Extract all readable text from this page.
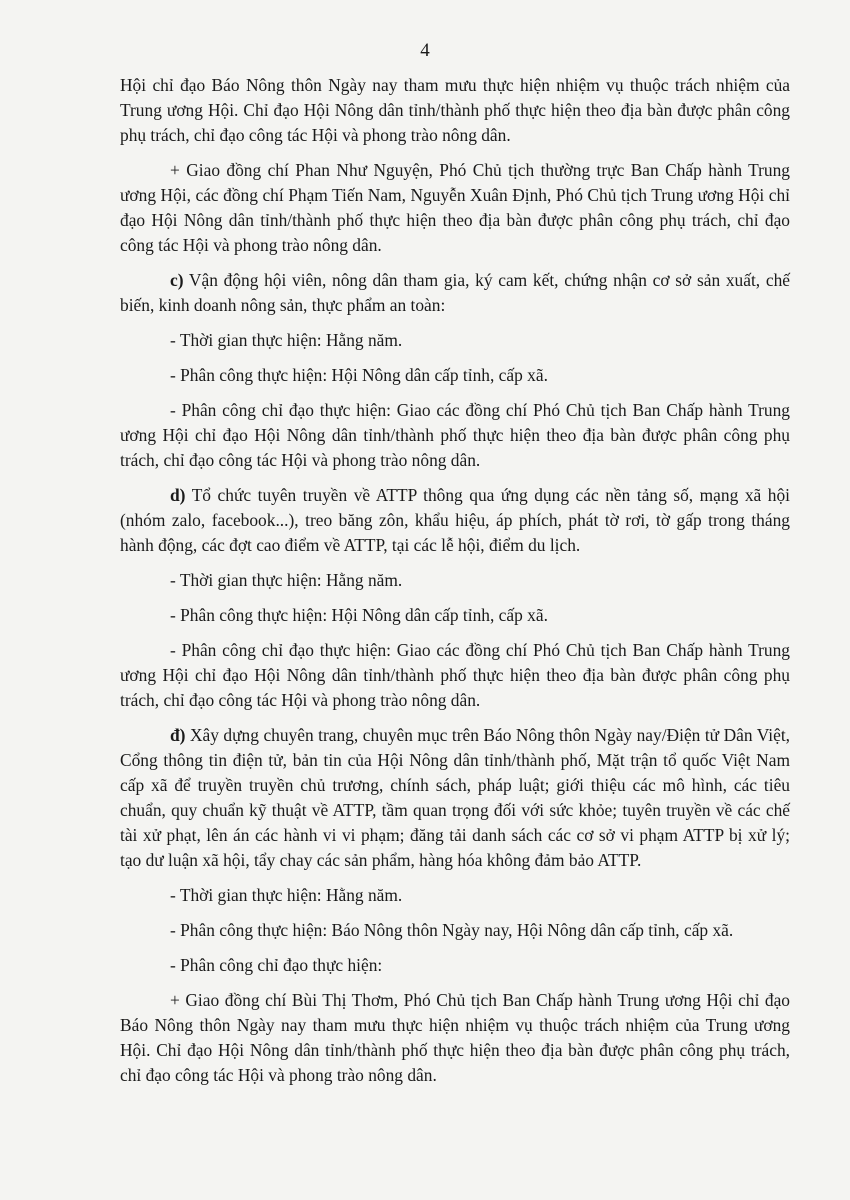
4

Hội chỉ đạo Báo Nông thôn Ngày nay tham mưu thực hiện nhiệm vụ thuộc trách nhiệm của Trung ương Hội. Chỉ đạo Hội Nông dân tỉnh/thành phố thực hiện theo địa bàn được phân công phụ trách, chỉ đạo công tác Hội và phong trào nông dân.

+ Giao đồng chí Phan Như Nguyện, Phó Chủ tịch thường trực Ban Chấp hành Trung ương Hội, các đồng chí Phạm Tiến Nam, Nguyễn Xuân Định, Phó Chủ tịch Trung ương Hội chỉ đạo Hội Nông dân tỉnh/thành phố thực hiện theo địa bàn được phân công phụ trách, chỉ đạo công tác Hội và phong trào nông dân.

c) Vận động hội viên, nông dân tham gia, ký cam kết, chứng nhận cơ sở sản xuất, chế biến, kinh doanh nông sản, thực phẩm an toàn:

- Thời gian thực hiện: Hằng năm.

- Phân công thực hiện: Hội Nông dân cấp tỉnh, cấp xã.

- Phân công chỉ đạo thực hiện: Giao các đồng chí Phó Chủ tịch Ban Chấp hành Trung ương Hội chỉ đạo Hội Nông dân tỉnh/thành phố thực hiện theo địa bàn được phân công phụ trách, chỉ đạo công tác Hội và phong trào nông dân.

d) Tổ chức tuyên truyền về ATTP thông qua ứng dụng các nền tảng số, mạng xã hội (nhóm zalo, facebook...), treo băng zôn, khẩu hiệu, áp phích, phát tờ rơi, tờ gấp trong tháng hành động, các đợt cao điểm về ATTP, tại các lễ hội, điểm du lịch.

- Thời gian thực hiện: Hằng năm.

- Phân công thực hiện: Hội Nông dân cấp tỉnh, cấp xã.

- Phân công chỉ đạo thực hiện: Giao các đồng chí Phó Chủ tịch Ban Chấp hành Trung ương Hội chỉ đạo Hội Nông dân tỉnh/thành phố thực hiện theo địa bàn được phân công phụ trách, chỉ đạo công tác Hội và phong trào nông dân.

đ) Xây dựng chuyên trang, chuyên mục trên Báo Nông thôn Ngày nay/Điện tử Dân Việt, Cổng thông tin điện tử, bản tin của Hội Nông dân tỉnh/thành phố, Mặt trận tổ quốc Việt Nam cấp xã để truyền truyền chủ trương, chính sách, pháp luật; giới thiệu các mô hình, các tiêu chuẩn, quy chuẩn kỹ thuật về ATTP, tầm quan trọng đối với sức khỏe; tuyên truyền về các chế tài xử phạt, lên án các hành vi vi phạm; đăng tải danh sách các cơ sở vi phạm ATTP bị xử lý; tạo dư luận xã hội, tẩy chay các sản phẩm, hàng hóa không đảm bảo ATTP.

- Thời gian thực hiện: Hằng năm.

- Phân công thực hiện: Báo Nông thôn Ngày nay, Hội Nông dân cấp tỉnh, cấp xã.

- Phân công chỉ đạo thực hiện:

+ Giao đồng chí Bùi Thị Thơm, Phó Chủ tịch Ban Chấp hành Trung ương Hội chỉ đạo Báo Nông thôn Ngày nay tham mưu thực hiện nhiệm vụ thuộc trách nhiệm của Trung ương Hội. Chỉ đạo Hội Nông dân tỉnh/thành phố thực hiện theo địa bàn được phân công phụ trách, chỉ đạo công tác Hội và phong trào nông dân.
